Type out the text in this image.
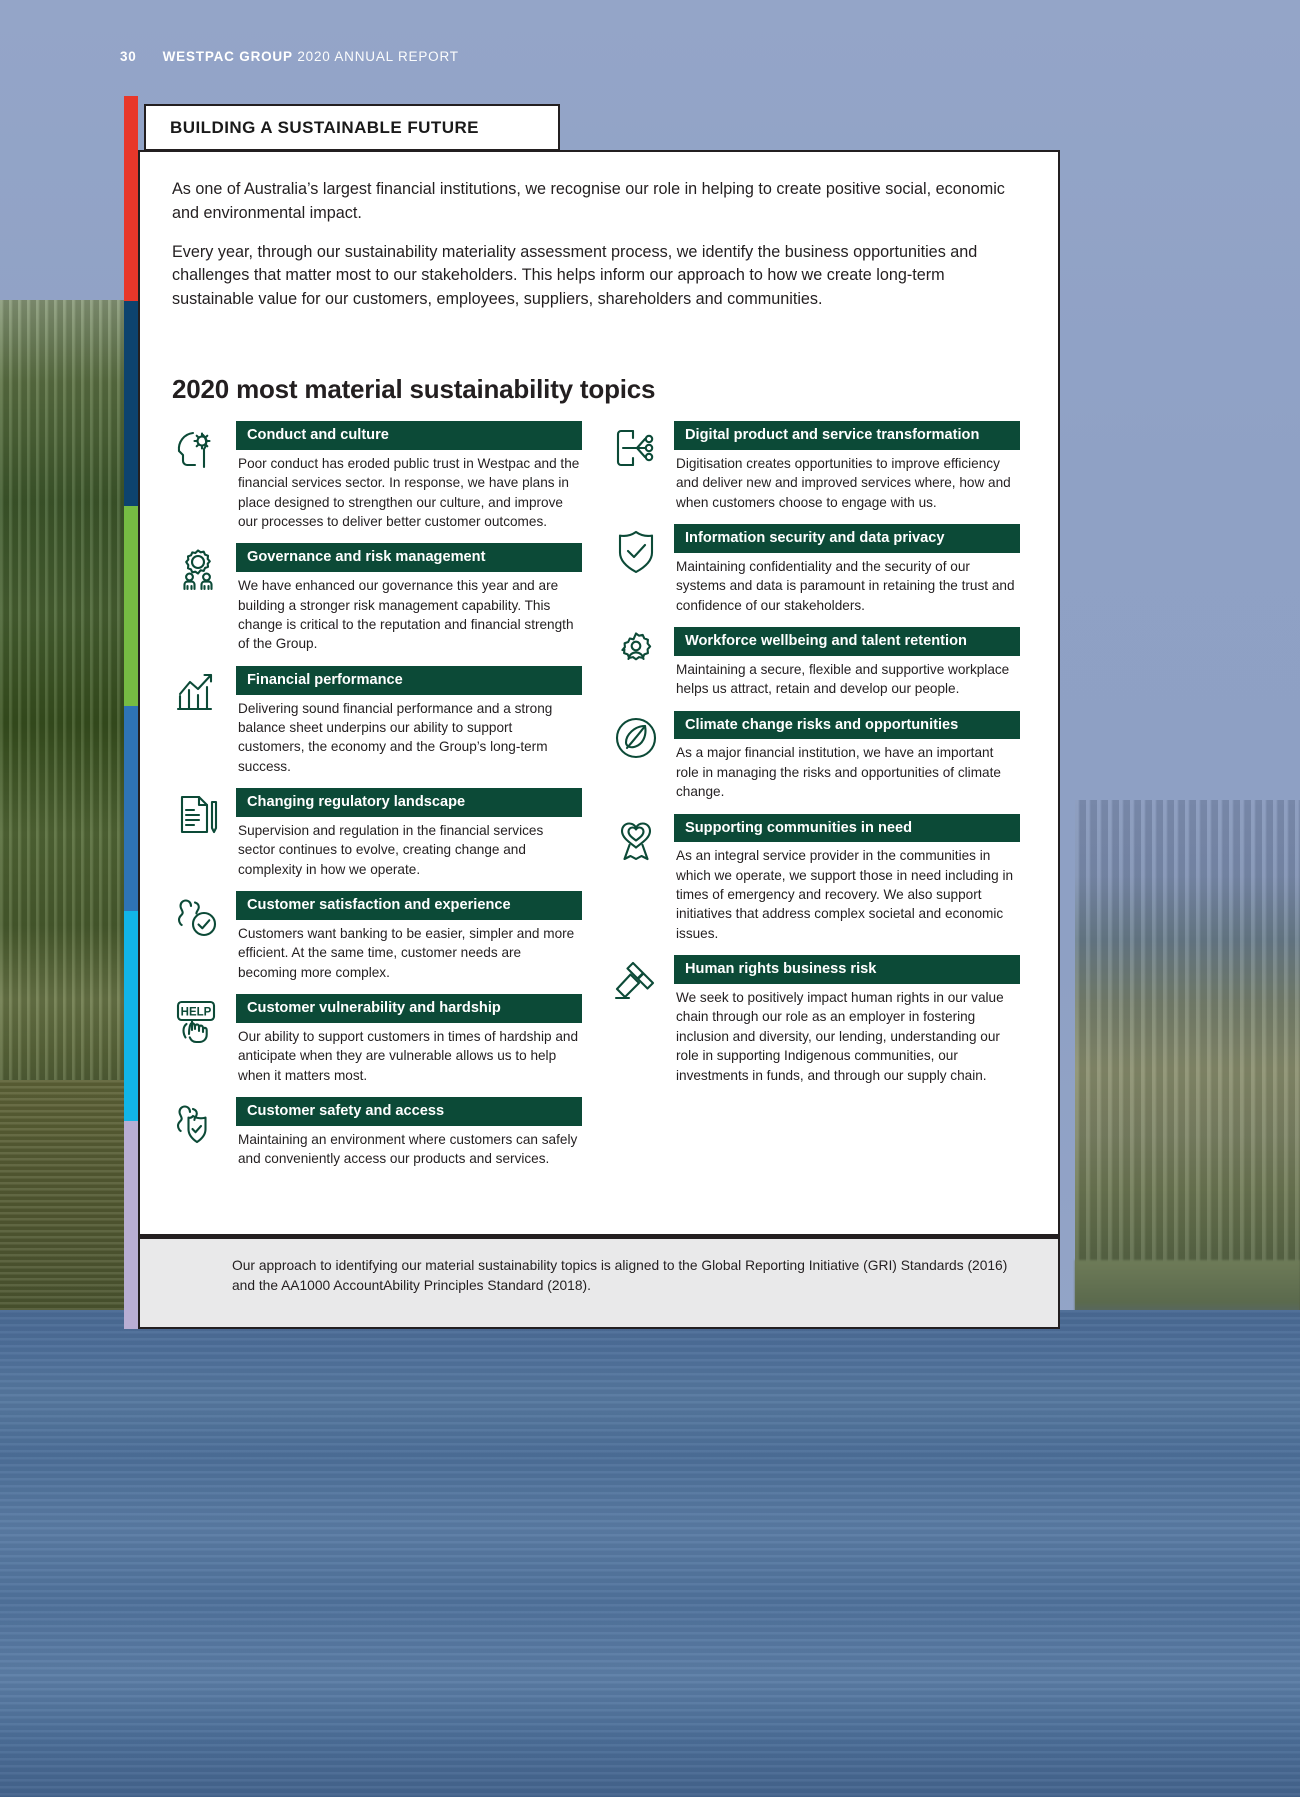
30 WESTPAC GROUP 2020 ANNUAL REPORT
BUILDING A SUSTAINABLE FUTURE

As one of Australia’s largest financial institutions, we recognise our role in helping to create positive social, economic and environmental impact.

Every year, through our sustainability materiality assessment process, we identify the business opportunities and challenges that matter most to our stakeholders. This helps inform our approach to how we create long-term sustainable value for our customers, employees, suppliers, shareholders and communities.

2020 most material sustainability topics
Conduct and culture
Poor conduct has eroded public trust in Westpac and the financial services sector. In response, we have plans in place designed to strengthen our culture, and improve our processes to deliver better customer outcomes.
Governance and risk management
We have enhanced our governance this year and are building a stronger risk management capability. This change is critical to the reputation and financial strength of the Group.
Financial performance
Delivering sound financial performance and a strong balance sheet underpins our ability to support customers, the economy and the Group’s long-term success.
Changing regulatory landscape
Supervision and regulation in the financial services sector continues to evolve, creating change and complexity in how we operate.
Customer satisfaction and experience
Customers want banking to be easier, simpler and more efficient. At the same time, customer needs are becoming more complex.
HELP	Customer vulnerability and hardship
Our ability to support customers in times of hardship and anticipate when they are vulnerable allows us to help when it matters most.
Customer safety and access
Maintaining an environment where customers can safely and conveniently access our products and services.
Digital product and service transformation
Digitisation creates opportunities to improve efficiency and deliver new and improved services where, how and when customers choose to engage with us.
Information security and data privacy
Maintaining confidentiality and the security of our systems and data is paramount in retaining the trust and confidence of our stakeholders.
Workforce wellbeing and talent retention
Maintaining a secure, flexible and supportive workplace helps us attract, retain and develop our people.
Climate change risks and opportunities
As a major financial institution, we have an important role in managing the risks and opportunities of climate change.
Supporting communities in need
As an integral service provider in the communities in which we operate, we support those in need including in times of emergency and recovery. We also support initiatives that address complex societal and economic issues.
Human rights business risk
We seek to positively impact human rights in our value chain through our role as an employer in fostering inclusion and diversity, our lending, understanding our role in supporting Indigenous communities, our investments in funds, and through our supply chain.

Our approach to identifying our material sustainability topics is aligned to the Global Reporting Initiative (GRI) Standards (2016) and the AA1000 AccountAbility Principles Standard (2018).
